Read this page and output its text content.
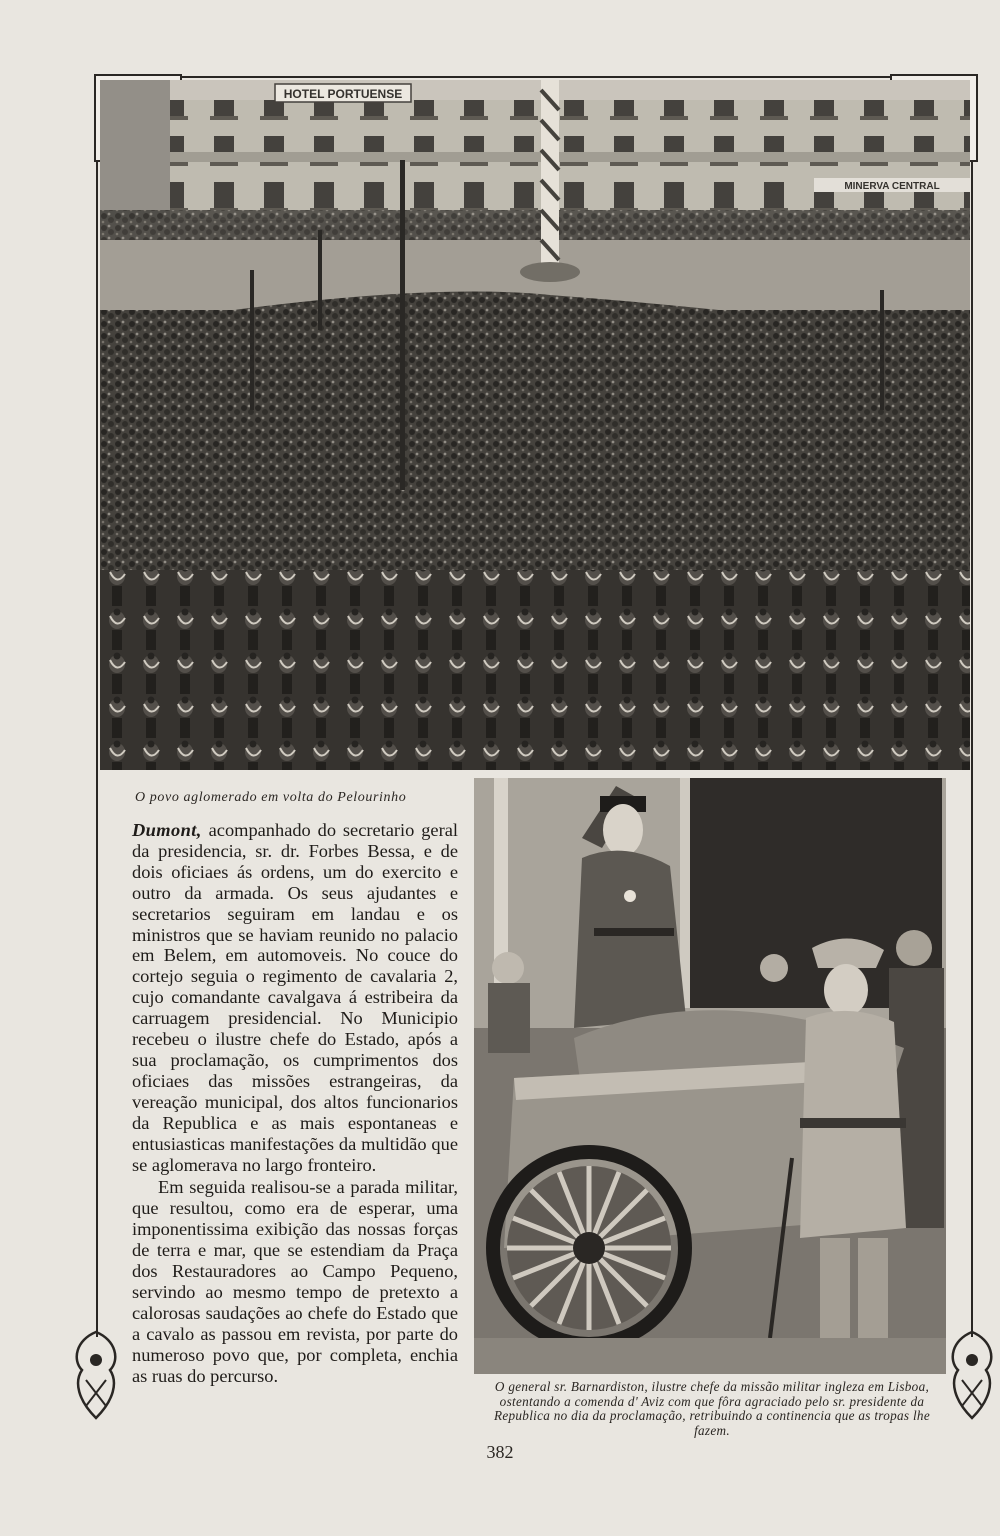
HOTEL PORTUENSE
MINERVA CENTRAL
O povo aglomerado em volta do Pelourinho

Dumont, acompanhado do secretario geral da presidencia, sr. dr. Forbes Bessa, e de dois oficiaes ás ordens, um do exercito e outro da armada. Os seus ajudantes e secretarios seguiram em landau e os ministros que se haviam reunido no palacio em Belem, em automoveis. No couce do cortejo seguia o regimento de cavalaria 2, cujo comandante cavalgava á estribeira da carruagem presidencial. No Municipio recebeu o ilustre chefe do Estado, após a sua proclamação, os cumprimentos dos oficiaes das missões estrangeiras, da vereação municipal, dos altos funcionarios da Republica e as mais espontaneas e entusiasticas manifestações da multidão que se aglomerava no largo fronteiro.

Em seguida realisou-se a parada militar, que resultou, como era de esperar, uma imponentissima exibição das nossas forças de terra e mar, que se estendiam da Praça dos Restauradores ao Campo Pequeno, servindo ao mesmo tempo de pretexto a calorosas saudações ao chefe do Estado que a cavalo as passou em revista, por parte do numeroso povo que, por completa, enchia as ruas do percurso.

O general sr. Barnardiston, ilustre chefe da missão militar ingleza em Lisboa, ostentando a comenda d' Aviz com que fôra agraciado pelo sr. presidente da Republica no dia da proclamação, retribuindo a continencia que as tropas lhe fazem.
382
